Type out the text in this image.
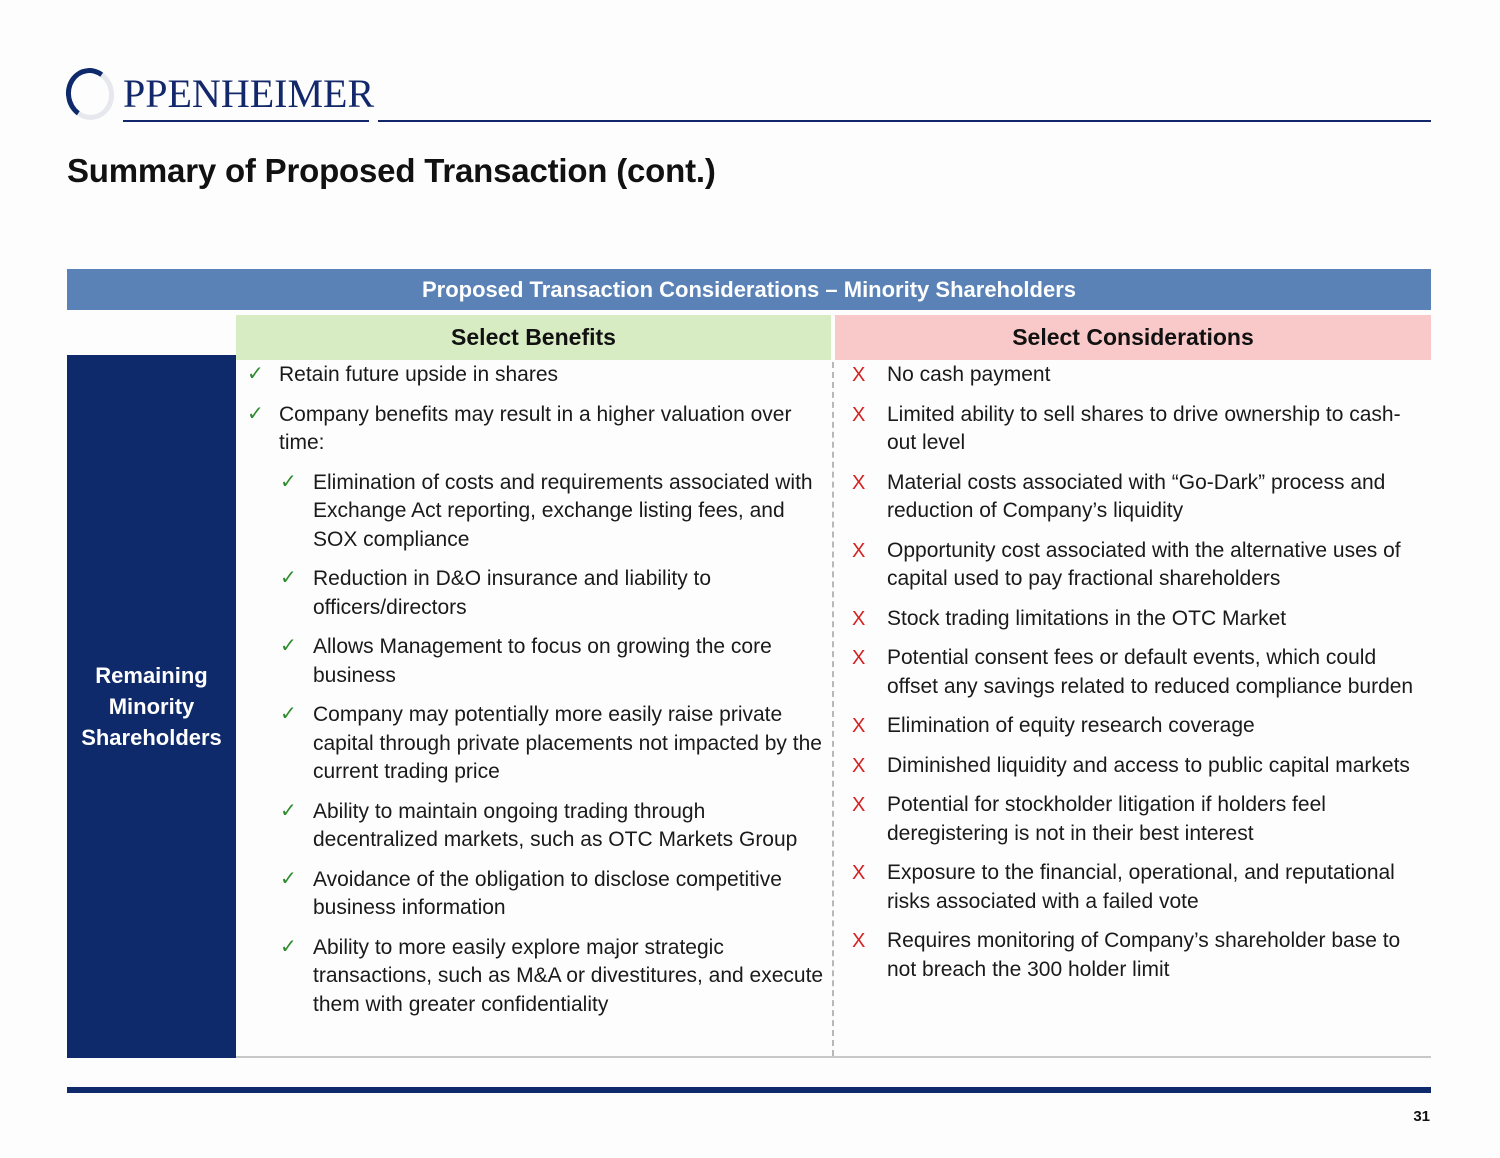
PPENHEIMER
Summary of Proposed Transaction (cont.)
Proposed Transaction Considerations – Minority Shareholders
Select Benefits	Select Considerations
Remaining Minority Shareholders
✓ Retain future upside in shares
✓ Company benefits may result in a higher valuation over time:
✓ Elimination of costs and requirements associated with Exchange Act reporting, exchange listing fees, and SOX compliance
✓ Reduction in D&O insurance and liability to officers/directors
✓ Allows Management to focus on growing the core business
✓ Company may potentially more easily raise private capital through private placements not impacted by the current trading price
✓ Ability to maintain ongoing trading through decentralized markets, such as OTC Markets Group
✓ Avoidance of the obligation to disclose competitive business information
✓ Ability to more easily explore major strategic transactions, such as M&A or divestitures, and execute them with greater confidentiality
X No cash payment
X Limited ability to sell shares to drive ownership to cash-out level
X Material costs associated with “Go-Dark” process and reduction of Company’s liquidity
X Opportunity cost associated with the alternative uses of capital used to pay fractional shareholders
X Stock trading limitations in the OTC Market
X Potential consent fees or default events, which could offset any savings related to reduced compliance burden
X Elimination of equity research coverage
X Diminished liquidity and access to public capital markets
X Potential for stockholder litigation if holders feel deregistering is not in their best interest
X Exposure to the financial, operational, and reputational risks associated with a failed vote
X Requires monitoring of Company’s shareholder base to not breach the 300 holder limit
31
